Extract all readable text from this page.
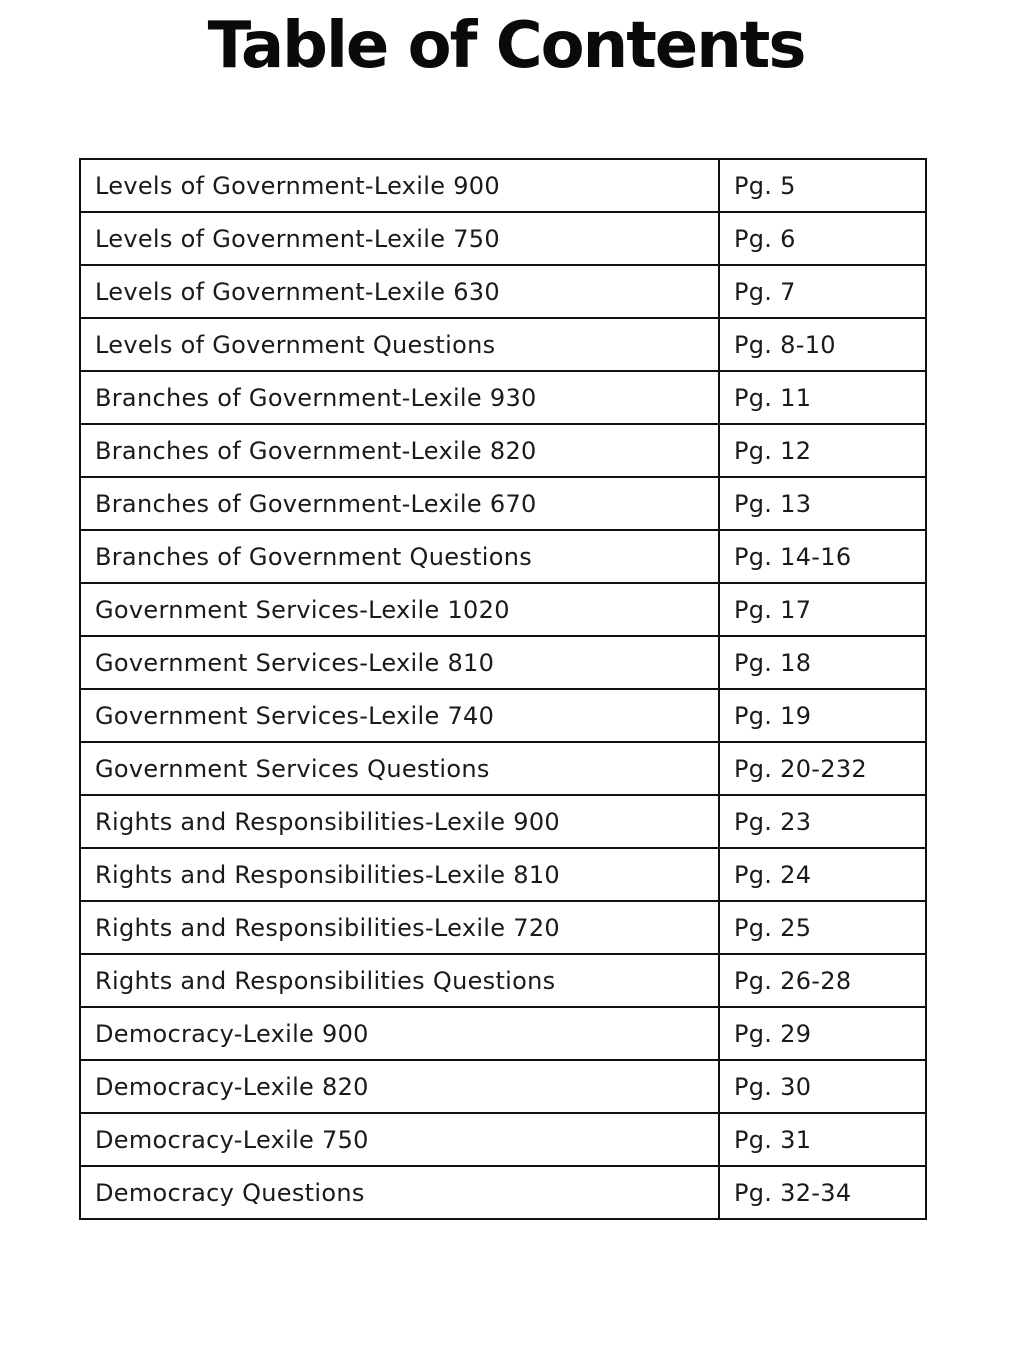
Table of Contents
Levels of Government-Lexile 900	Pg. 5
Levels of Government-Lexile 750	Pg. 6
Levels of Government-Lexile 630	Pg. 7
Levels of Government Questions	Pg. 8-10
Branches of Government-Lexile 930	Pg. 11
Branches of Government-Lexile 820	Pg. 12
Branches of Government-Lexile 670	Pg. 13
Branches of Government Questions	Pg. 14-16
Government Services-Lexile 1020	Pg. 17
Government Services-Lexile 810	Pg. 18
Government Services-Lexile 740	Pg. 19
Government Services Questions	Pg. 20-232
Rights and Responsibilities-Lexile 900	Pg. 23
Rights and Responsibilities-Lexile 810	Pg. 24
Rights and Responsibilities-Lexile 720	Pg. 25
Rights and Responsibilities Questions	Pg. 26-28
Democracy-Lexile 900	Pg. 29
Democracy-Lexile 820	Pg. 30
Democracy-Lexile 750	Pg. 31
Democracy Questions	Pg. 32-34
